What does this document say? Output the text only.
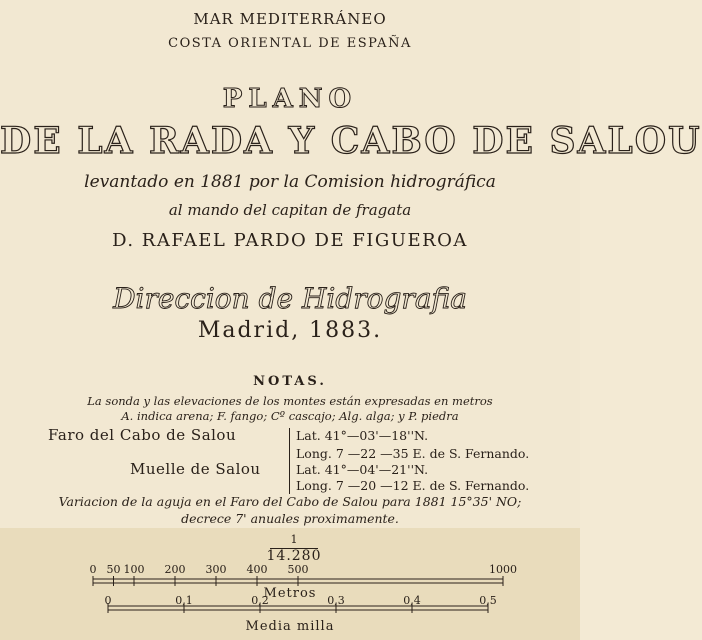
MAR MEDITERRÁNEO
COSTA ORIENTAL DE ESPAÑA
PLANO
DE LA RADA Y CABO DE SALOU
levantado en 1881 por la Comision hidrográfica
al mando del capitan de fragata
D. RAFAEL PARDO DE FIGUEROA
Direccion de Hidrografia
Madrid, 1883.
NOTAS.
La sonda y las elevaciones de los montes están expresadas en metros
A. indica arena; F. fango; Cº cascajo; Alg. alga; y P. piedra
Faro del Cabo de Salou	Lat. 41°—03'—18''N.
Long. 7 —22 —35 E. de S. Fernando.
Muelle de Salou	Lat. 41°—04'—21''N.
Long. 7 —20 —12 E. de S. Fernando.
Variacion de la aguja en el Faro del Cabo de Salou para 1881 15°35' NO;
decrece 7' anuales proximamente.
1
14.280
0 50 100 200 300 400 500	1000
Metros
0	0,1	0,2	0,3	0,4	0,5
Media milla
